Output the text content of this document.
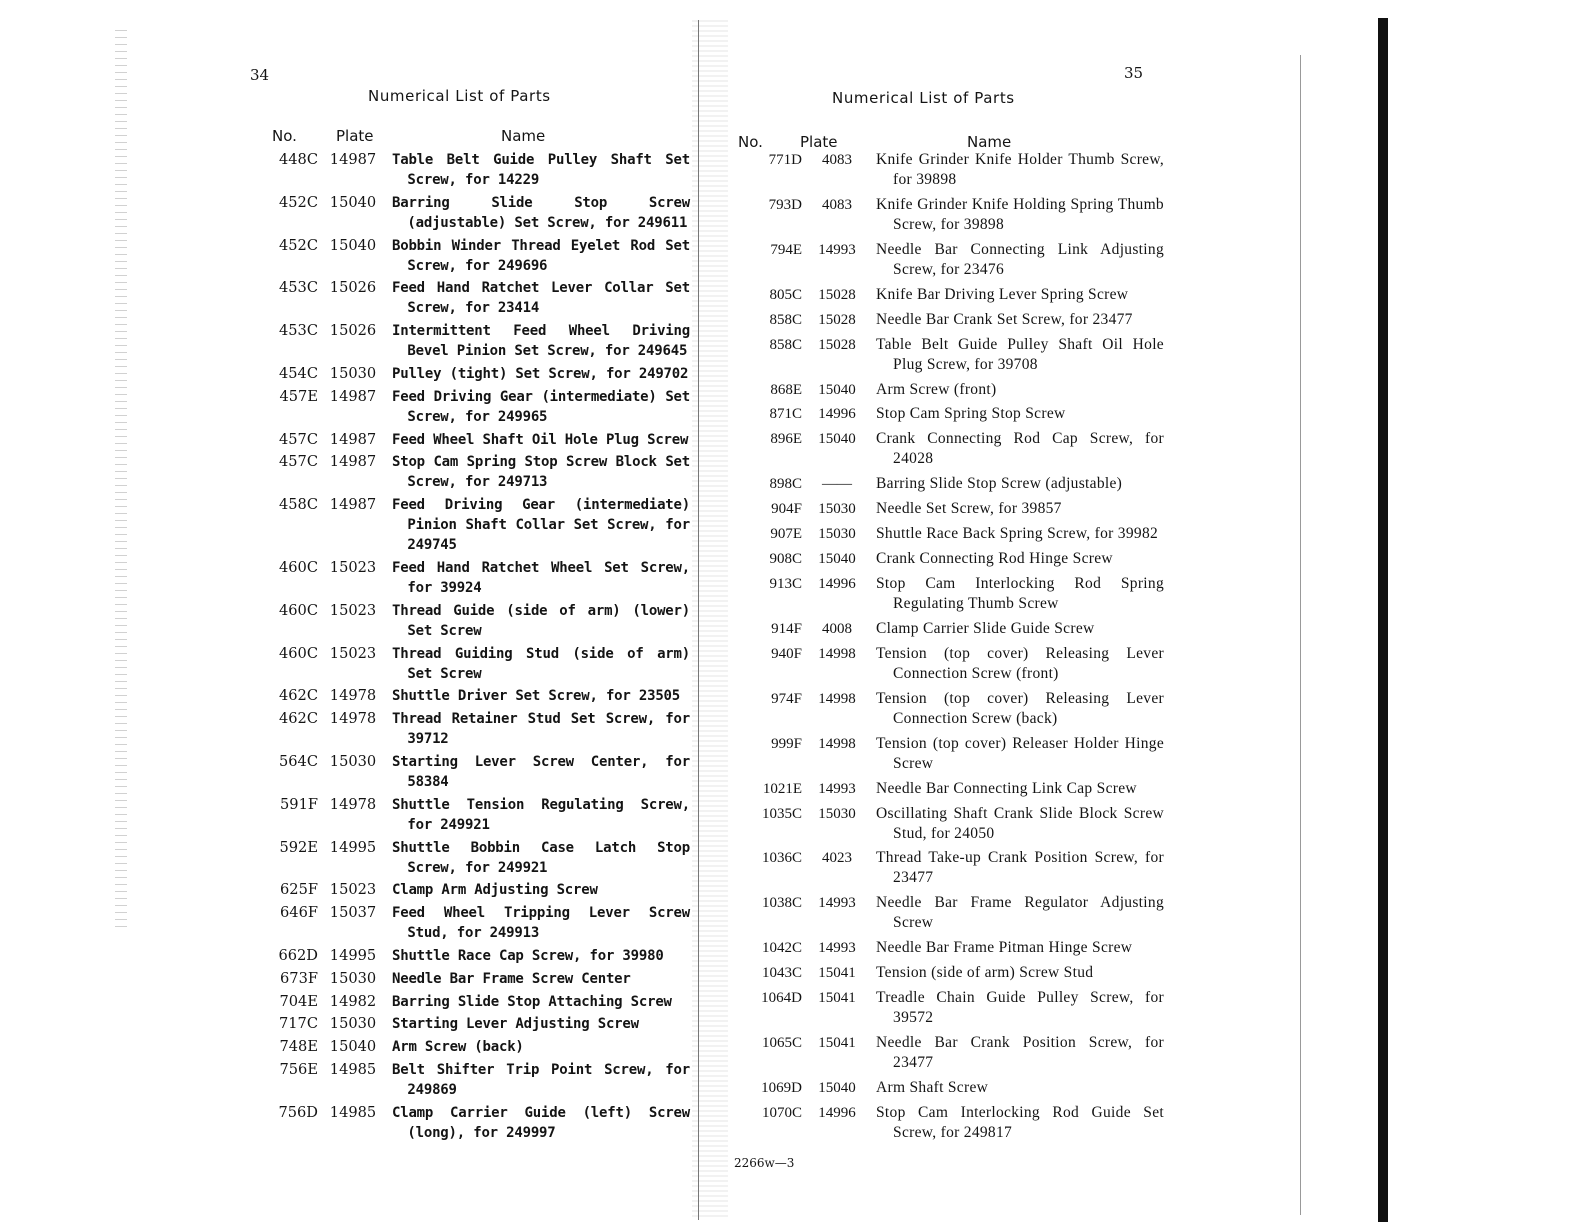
34
Numerical List of Parts
No.	Plate	Name
448C 14987	Table Belt Guide Pulley Shaft Set Screw, for 14229
452C 15040	Barring Slide Stop Screw (adjustable) Set Screw, for 249611
452C 15040	Bobbin Winder Thread Eyelet Rod Set Screw, for 249696
453C 15026	Feed Hand Ratchet Lever Collar Set Screw, for 23414
453C 15026	Intermittent Feed Wheel Driving Bevel Pinion Set Screw, for 249645
454C 15030	Pulley (tight) Set Screw, for 249702
457E 14987	Feed Driving Gear (intermediate) Set Screw, for 249965
457C 14987	Feed Wheel Shaft Oil Hole Plug Screw
457C 14987	Stop Cam Spring Stop Screw Block Set Screw, for 249713
458C 14987	Feed Driving Gear (intermediate) Pinion Shaft Collar Set Screw, for 249745
460C 15023	Feed Hand Ratchet Wheel Set Screw, for 39924
460C 15023	Thread Guide (side of arm) (lower) Set Screw
460C 15023	Thread Guiding Stud (side of arm) Set Screw
462C 14978	Shuttle Driver Set Screw, for 23505
462C 14978	Thread Retainer Stud Set Screw, for 39712
564C 15030	Starting Lever Screw Center, for 58384
591F 14978	Shuttle Tension Regulating Screw, for 249921
592E 14995	Shuttle Bobbin Case Latch Stop Screw, for 249921
625F 15023	Clamp Arm Adjusting Screw
646F 15037	Feed Wheel Tripping Lever Screw Stud, for 249913
662D 14995	Shuttle Race Cap Screw, for 39980
673F 15030	Needle Bar Frame Screw Center
704E 14982	Barring Slide Stop Attaching Screw
717C 15030	Starting Lever Adjusting Screw
748E 15040	Arm Screw (back)
756E 14985	Belt Shifter Trip Point Screw, for 249869
756D 14985	Clamp Carrier Guide (left) Screw (long), for 249997
35
Numerical List of Parts
No. Plate	Name
771D	4083	Knife Grinder Knife Holder Thumb Screw, for 39898
793D	4083	Knife Grinder Knife Holding Spring Thumb Screw, for 39898
794E	14993	Needle Bar Connecting Link Adjusting Screw, for 23476
805C	15028	Knife Bar Driving Lever Spring Screw
858C	15028	Needle Bar Crank Set Screw, for 23477
858C	15028	Table Belt Guide Pulley Shaft Oil Hole Plug Screw, for 39708
868E	15040	Arm Screw (front)
871C	14996	Stop Cam Spring Stop Screw
896E	15040	Crank Connecting Rod Cap Screw, for 24028
898C	——	Barring Slide Stop Screw (adjustable)
904F	15030	Needle Set Screw, for 39857
907E	15030	Shuttle Race Back Spring Screw, for 39982
908C	15040	Crank Connecting Rod Hinge Screw
913C	14996	Stop Cam Interlocking Rod Spring Regulating Thumb Screw
914F	4008	Clamp Carrier Slide Guide Screw
940F	14998	Tension (top cover) Releasing Lever Connection Screw (front)
974F	14998	Tension (top cover) Releasing Lever Connection Screw (back)
999F	14998	Tension (top cover) Releaser Holder Hinge Screw
1021E	14993	Needle Bar Connecting Link Cap Screw
1035C	15030	Oscillating Shaft Crank Slide Block Screw Stud, for 24050
1036C	4023	Thread Take-up Crank Position Screw, for 23477
1038C	14993	Needle Bar Frame Regulator Adjusting Screw
1042C	14993	Needle Bar Frame Pitman Hinge Screw
1043C	15041	Tension (side of arm) Screw Stud
1064D	15041	Treadle Chain Guide Pulley Screw, for 39572
1065C	15041	Needle Bar Crank Position Screw, for 23477
1069D	15040	Arm Shaft Screw
1070C	14996	Stop Cam Interlocking Rod Guide Set Screw, for 249817
2266w—3
